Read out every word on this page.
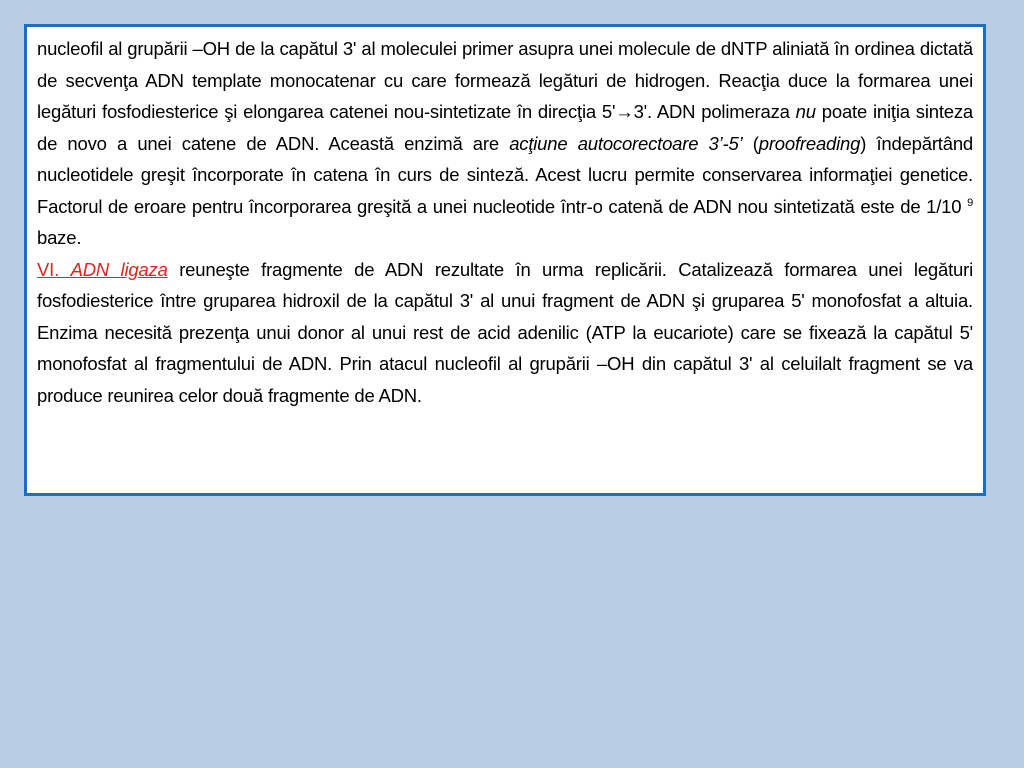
nucleofil al grupării –OH de la capătul 3' al moleculei primer asupra unei molecule de dNTP aliniată în ordinea dictată de secvenţa ADN template monocatenar cu care formează legături de hidrogen. Reacţia duce la formarea unei legături fosfodiesterice şi elongarea catenei nou-sintetizate în direcţia 5'→3'. ADN polimeraza nu poate iniţia sinteza de novo a unei catene de ADN. Această enzimă are acţiune autocorectoare 3’-5’ (proofreading) îndepărtând nucleotidele greşit încorporate în catena în curs de sinteză. Acest lucru permite conservarea informaţiei genetice. Factorul de eroare pentru încorporarea greşită a unei nucleotide într-o catenă de ADN nou sintetizată este de 1/10 $^9$ baze.

VI. ADN ligaza reuneşte fragmente de ADN rezultate în urma replicării. Catalizează formarea unei legături fosfodiesterice între gruparea hidroxil de la capătul 3' al unui fragment de ADN şi gruparea 5' monofosfat a altuia. Enzima necesită prezenţa unui donor al unui rest de acid adenilic (ATP la eucariote) care se fixează la capătul 5' monofosfat al fragmentului de ADN. Prin atacul nucleofil al grupării –OH din capătul 3' al celuilalt fragment se va produce reunirea celor două fragmente de ADN.
